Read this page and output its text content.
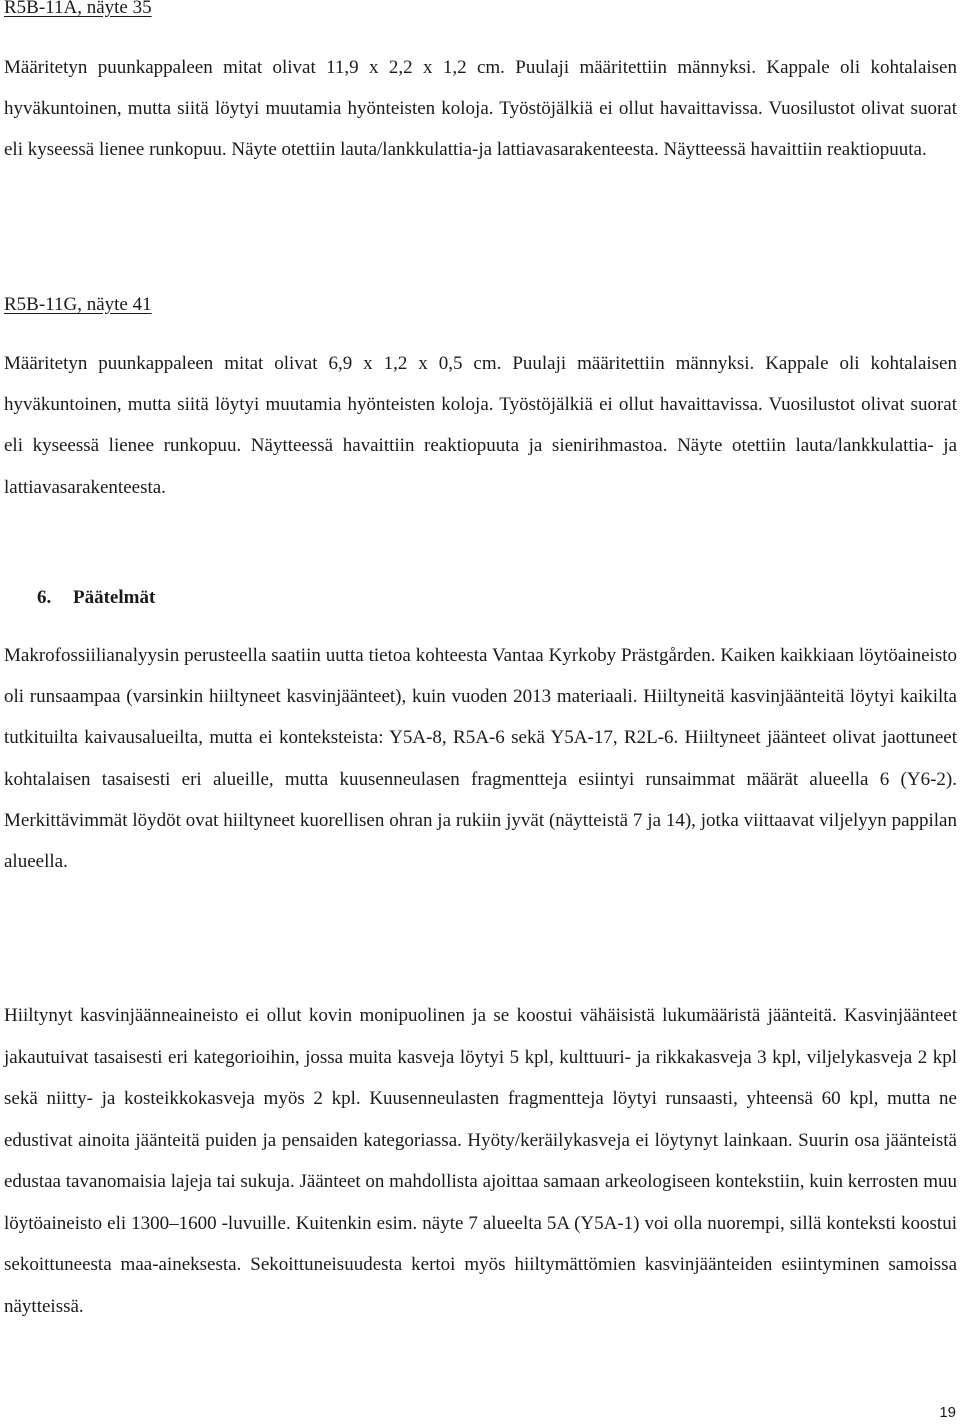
R5B-11A, näyte 35

Määritetyn puunkappaleen mitat olivat 11,9 x 2,2 x 1,2 cm. Puulaji määritettiin männyksi. Kappale oli kohtalaisen hyväkuntoinen, mutta siitä löytyi muutamia hyönteisten koloja. Työstöjälkiä ei ollut havaittavissa. Vuosilustot olivat suorat eli kyseessä lienee runkopuu. Näyte otettiin lauta/lankkulattia-ja lattiavasarakenteesta. Näytteessä havaittiin reaktiopuuta.

R5B-11G, näyte 41

Määritetyn puunkappaleen mitat olivat 6,9 x 1,2 x 0,5 cm. Puulaji määritettiin männyksi. Kappale oli kohtalaisen hyväkuntoinen, mutta siitä löytyi muutamia hyönteisten koloja. Työstöjälkiä ei ollut havaittavissa. Vuosilustot olivat suorat eli kyseessä lienee runkopuu. Näytteessä havaittiin reaktiopuuta ja sienirihmastoa. Näyte otettiin lauta/lankkulattia- ja lattiavasarakenteesta.

6. Päätelmät

Makrofossiilianalyysin perusteella saatiin uutta tietoa kohteesta Vantaa Kyrkoby Prästgården. Kaiken kaikkiaan löytöaineisto oli runsaampaa (varsinkin hiiltyneet kasvinjäänteet), kuin vuoden 2013 materiaali. Hiiltyneitä kasvinjäänteitä löytyi kaikilta tutkituilta kaivausalueilta, mutta ei konteksteista: Y5A-8, R5A-6 sekä Y5A-17, R2L-6. Hiiltyneet jäänteet olivat jaottuneet kohtalaisen tasaisesti eri alueille, mutta kuusenneulasen fragmentteja esiintyi runsaimmat määrät alueella 6 (Y6-2). Merkittävimmät löydöt ovat hiiltyneet kuorellisen ohran ja rukiin jyvät (näytteistä 7 ja 14), jotka viittaavat viljelyyn pappilan alueella.

Hiiltynyt kasvinjäänneaineisto ei ollut kovin monipuolinen ja se koostui vähäisistä lukumääristä jäänteitä. Kasvinjäänteet jakautuivat tasaisesti eri kategorioihin, jossa muita kasveja löytyi 5 kpl, kulttuuri- ja rikkakasveja 3 kpl, viljelykasveja 2 kpl sekä niitty- ja kosteikkokasveja myös 2 kpl. Kuusenneulasten fragmentteja löytyi runsaasti, yhteensä 60 kpl, mutta ne edustivat ainoita jäänteitä puiden ja pensaiden kategoriassa. Hyöty/keräilykasveja ei löytynyt lainkaan. Suurin osa jäänteistä edustaa tavanomaisia lajeja tai sukuja. Jäänteet on mahdollista ajoittaa samaan arkeologiseen kontekstiin, kuin kerrosten muu löytöaineisto eli 1300–1600 -luvuille. Kuitenkin esim. näyte 7 alueelta 5A (Y5A-1) voi olla nuorempi, sillä konteksti koostui sekoittuneesta maa-aineksesta. Sekoittuneisuudesta kertoi myös hiiltymättömien kasvinjäänteiden esiintyminen samoissa näytteissä.

19
